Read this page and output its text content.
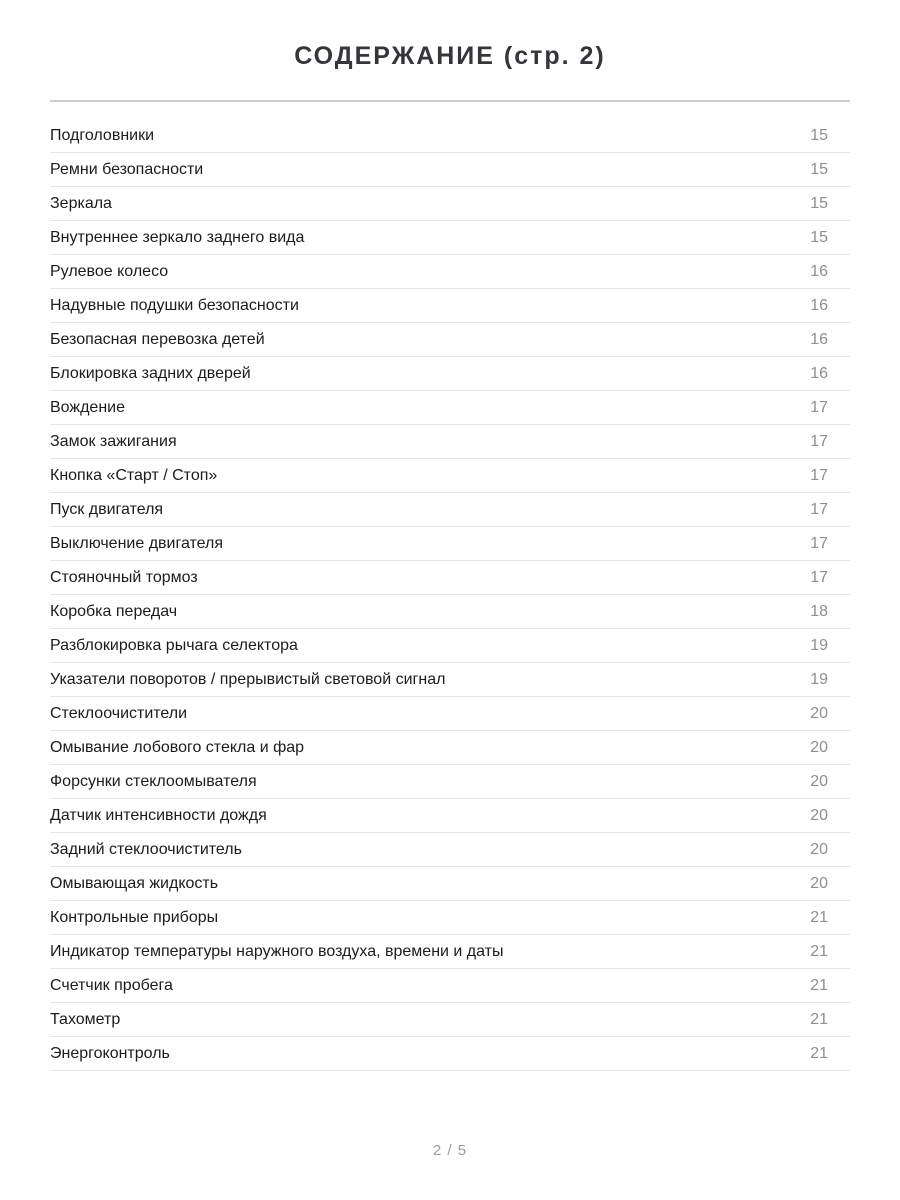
СОДЕРЖАНИЕ (стр. 2)
Подголовники	15
Ремни безопасности	15
Зеркала	15
Внутреннее зеркало заднего вида	15
Рулевое колесо	16
Надувные подушки безопасности	16
Безопасная перевозка детей	16
Блокировка задних дверей	16
Вождение	17
Замок зажигания	17
Кнопка «Старт / Стоп»	17
Пуск двигателя	17
Выключение двигателя	17
Стояночный тормоз	17
Коробка передач	18
Разблокировка рычага селектора	19
Указатели поворотов / прерывистый световой сигнал	19
Стеклоочистители	20
Омывание лобового стекла и фар	20
Форсунки стеклоомывателя	20
Датчик интенсивности дождя	20
Задний стеклоочиститель	20
Омывающая жидкость	20
Контрольные приборы	21
Индикатор температуры наружного воздуха, времени и даты	21
Счетчик пробега	21
Тахометр	21
Энергоконтроль	21
2 / 5
